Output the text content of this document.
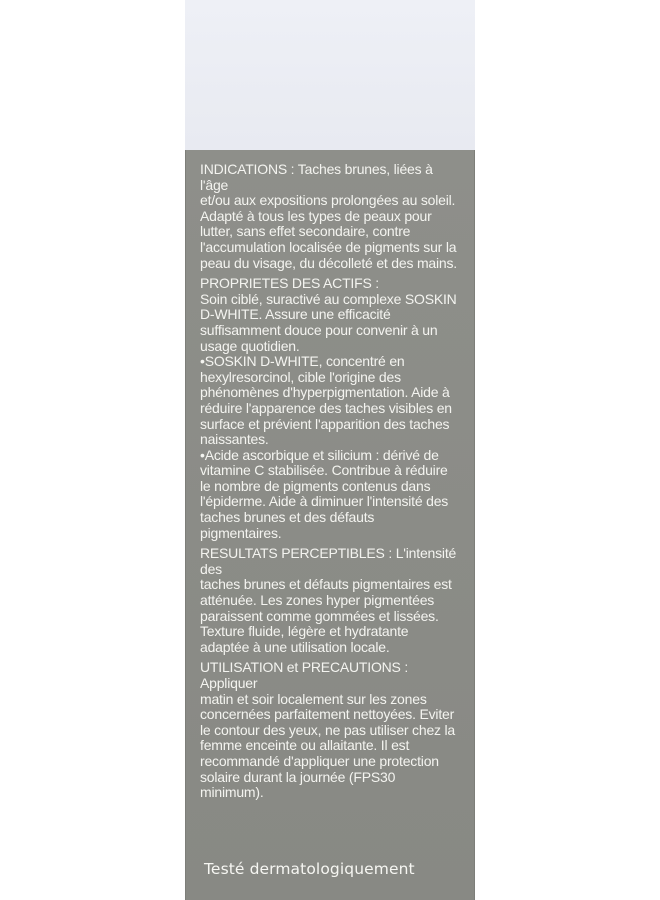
INDICATIONS : Taches brunes, liées à l'âge

et/ou aux expositions prolongées au soleil.

Adapté à tous les types de peaux pour

lutter, sans effet secondaire, contre

l'accumulation localisée de pigments sur la

peau du visage, du décolleté et des mains.

PROPRIETES DES ACTIFS :

Soin ciblé, suractivé au complexe SOSKIN

D-WHITE. Assure une efficacité

suffisamment douce pour convenir à un

usage quotidien.

•SOSKIN D-WHITE, concentré en

hexylresorcinol, cible l'origine des

phénomènes d'hyperpigmentation. Aide à

réduire l'apparence des taches visibles en

surface et prévient l'apparition des taches

naissantes.

•Acide ascorbique et silicium : dérivé de

vitamine C stabilisée. Contribue à réduire

le nombre de pigments contenus dans

l'épiderme. Aide à diminuer l'intensité des

taches brunes et des défauts

pigmentaires.

RESULTATS PERCEPTIBLES : L'intensité des

taches brunes et défauts pigmentaires est

atténuée. Les zones hyper pigmentées

paraissent comme gommées et lissées.

Texture fluide, légère et hydratante

adaptée à une utilisation locale.

UTILISATION et PRECAUTIONS : Appliquer

matin et soir localement sur les zones

concernées parfaitement nettoyées. Eviter

le contour des yeux, ne pas utiliser chez la

femme enceinte ou allaitante. Il est

recommandé d'appliquer une protection

solaire durant la journée (FPS30

minimum).

Testé dermatologiquement
